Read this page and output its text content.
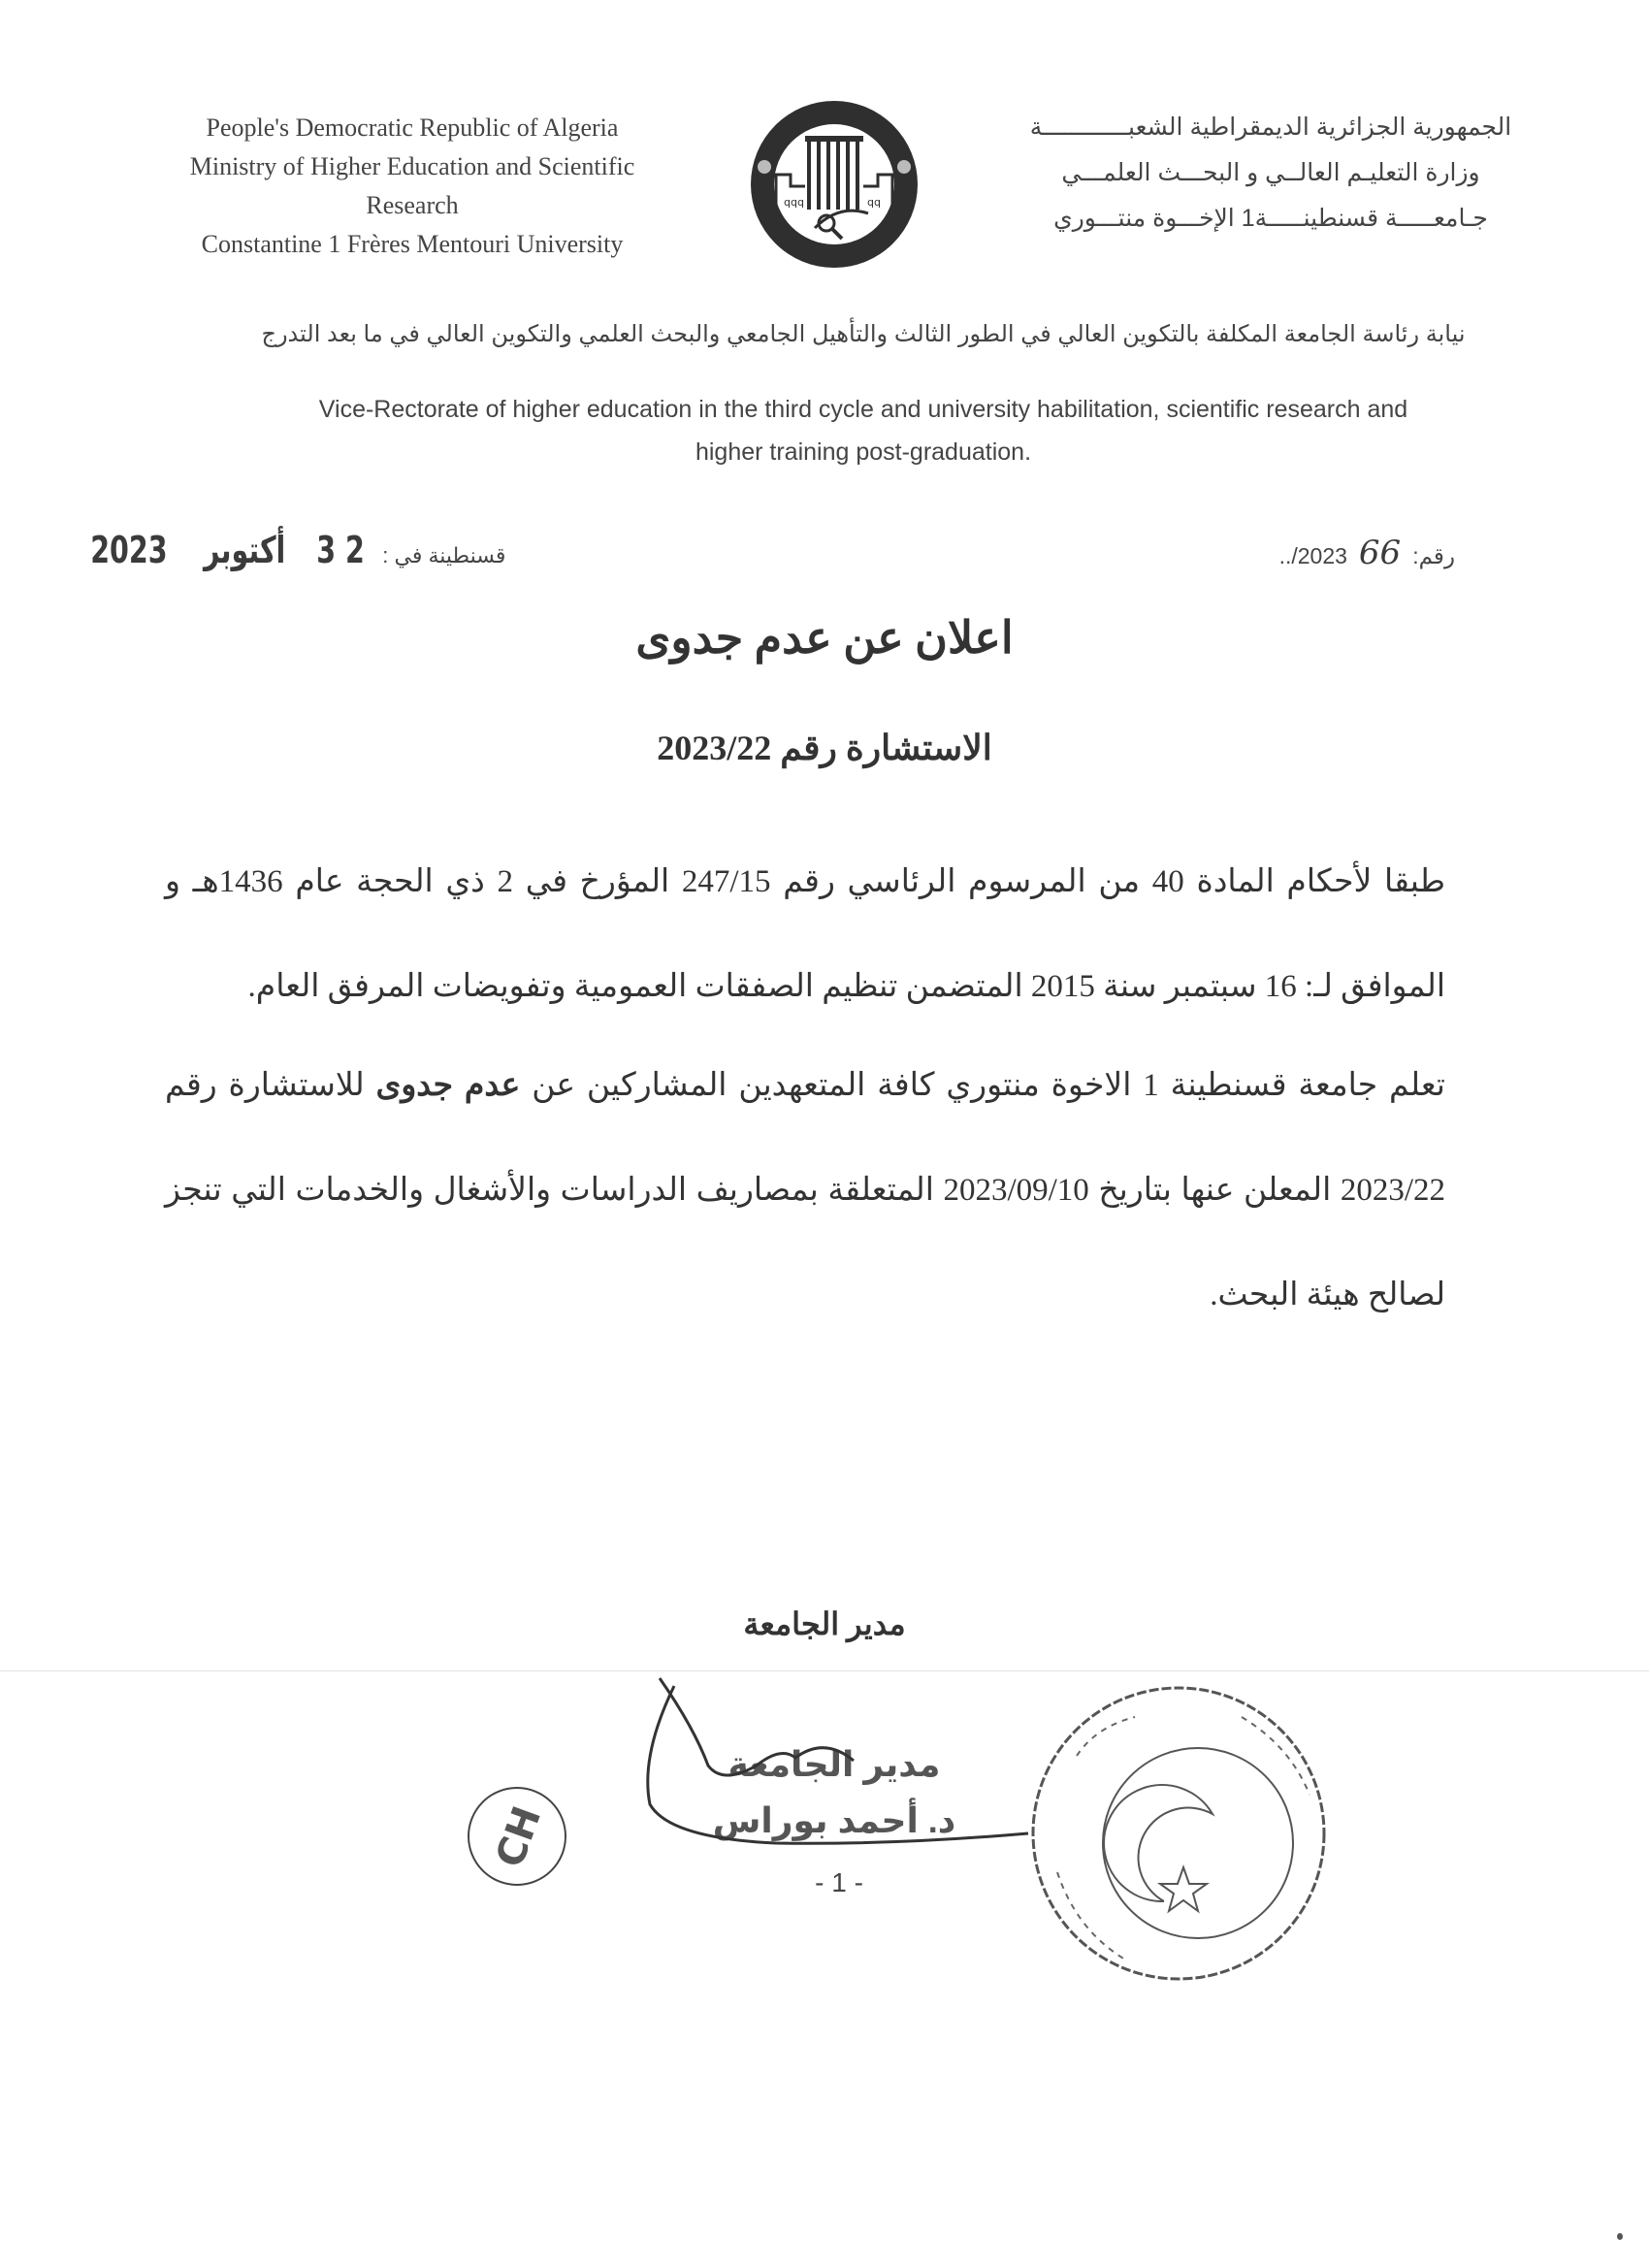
People's Democratic Republic of Algeria
Ministry of Higher Education and Scientific
Research
Constantine 1 Frères Mentouri University
qqq	qq
الجمهورية الجزائرية الديمقراطية الشعبــــــــــــة
وزارة التعليـم العالــي و البحـــث العلمـــي
جـامعـــــة قسنطينـــــة1 الإخـــوة منتـــوري
نيابة رئاسة الجامعة المكلفة بالتكوين العالي في الطور الثالث والتأهيل الجامعي والبحث العلمي والتكوين العالي في ما بعد التدرج
Vice-Rectorate of higher education in the third cycle and university habilitation, scientific research and
higher training post-graduation.
قسنطينة في :
2 3
أكتوبر
2023	رقم:
66
../2023
اعلان عن عدم جدوى
الاستشارة رقم 2023/22
طبقا لأحكام المادة 40 من المرسوم الرئاسي رقم 247/15 المؤرخ في 2 ذي الحجة عام 1436هـ و الموافق لـ: 16 سبتمبر سنة 2015 المتضمن تنظيم الصفقات العمومية وتفويضات المرفق العام.
تعلم جامعة قسنطينة 1 الاخوة منتوري كافة المتعهدين المشاركين عن عدم جدوى للاستشارة رقم 2023/22 المعلن عنها بتاريخ 2023/09/10 المتعلقة بمصاريف الدراسات والأشغال والخدمات التي تنجز لصالح هيئة البحث.
مدير الجامعة
مدير الجامعة
د. أحمد بوراس
- 1 -
CH
